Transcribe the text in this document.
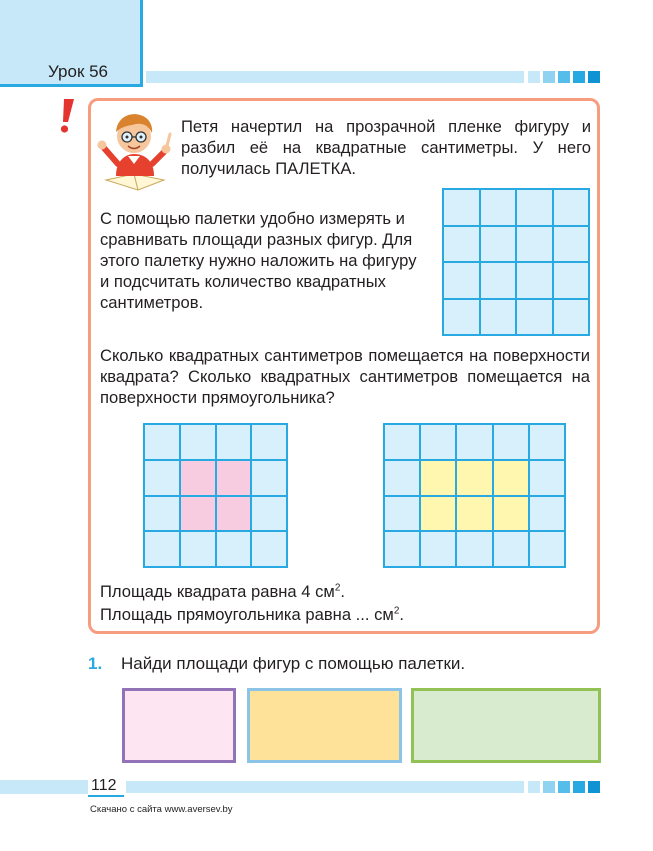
Урок 56
Петя начертил на прозрачной пленке фигуру и разбил её на квадратные сантиметры. У него получилась ПАЛЕТКА.
С помощью палетки удобно измерять и сравнивать площади разных фигур. Для этого палетку нужно наложить на фигуру и подсчитать количество квадратных сантиметров.
Сколько квадратных сантиметров помещается на поверхности квадрата? Сколько квадратных сантиметров помещается на поверхности прямоугольника?
Площадь квадрата равна 4 $см^2$.
Площадь прямоугольника равна ... $см^2$.
1. Найди площади фигур с помощью палетки.
112
Скачано с сайта www.aversev.by
